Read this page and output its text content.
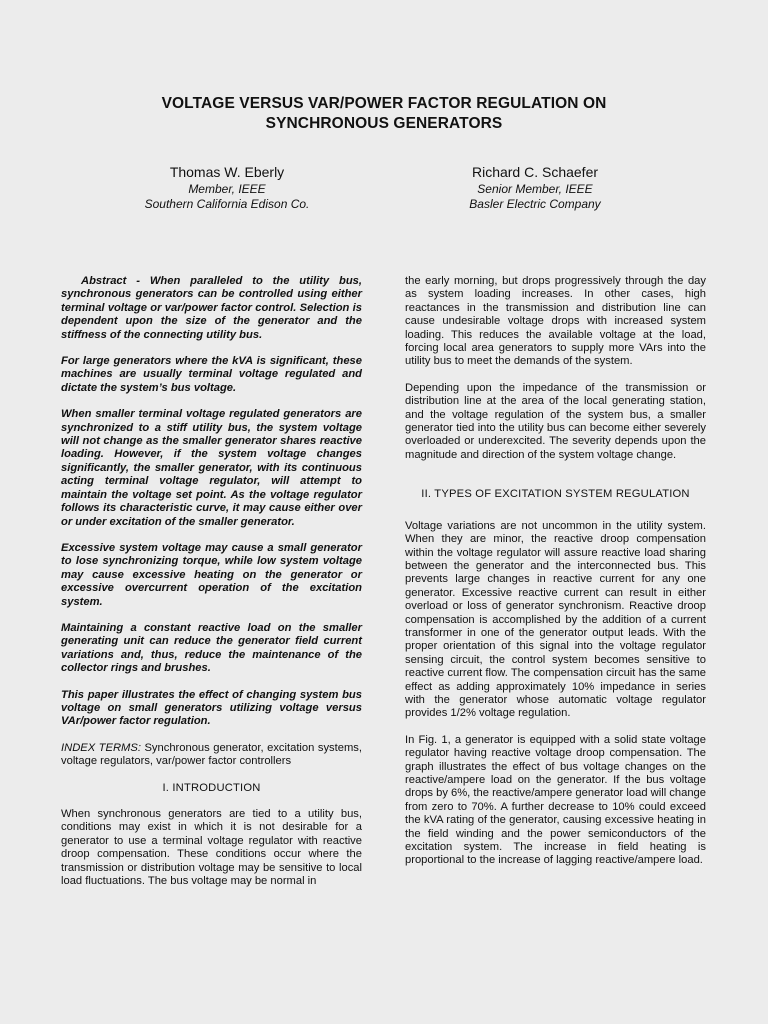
VOLTAGE VERSUS VAR/POWER FACTOR REGULATION ON
SYNCHRONOUS GENERATORS
Thomas W. Eberly
Member, IEEE
Southern California Edison Co.
Richard C. Schaefer
Senior Member, IEEE
Basler Electric Company

Abstract - When paralleled to the utility bus, synchronous generators can be controlled using either terminal voltage or var/power factor control. Selection is dependent upon the size of the generator and the stiffness of the connecting utility bus.

For large generators where the kVA is significant, these machines are usually terminal voltage regulated and dictate the system’s bus voltage.

When smaller terminal voltage regulated generators are synchronized to a stiff utility bus, the system voltage will not change as the smaller generator shares reactive loading. However, if the system voltage changes significantly, the smaller generator, with its continuous acting terminal voltage regulator, will attempt to maintain the voltage set point. As the voltage regulator follows its characteristic curve, it may cause either over or under excitation of the smaller generator.

Excessive system voltage may cause a small generator to lose synchronizing torque, while low system voltage may cause excessive heating on the generator or excessive overcurrent operation of the excitation system.

Maintaining a constant reactive load on the smaller generating unit can reduce the generator field current variations and, thus, reduce the maintenance of the collector rings and brushes.

This paper illustrates the effect of changing system bus voltage on small generators utilizing voltage versus VAr/power factor regulation.

INDEX TERMS: Synchronous generator, excitation systems, voltage regulators, var/power factor controllers

I. INTRODUCTION

When synchronous generators are tied to a utility bus, conditions may exist in which it is not desirable for a generator to use a terminal voltage regulator with reactive droop compensation. These conditions occur where the transmission or distribution voltage may be sensitive to local load fluctuations. The bus voltage may be normal in

the early morning, but drops progressively through the day as system loading increases. In other cases, high reactances in the transmission and distribution line can cause undesirable voltage drops with increased system loading. This reduces the available voltage at the load, forcing local area generators to supply more VArs into the utility bus to meet the demands of the system.

Depending upon the impedance of the transmission or distribution line at the area of the local generating station, and the voltage regulation of the system bus, a smaller generator tied into the utility bus can become either severely overloaded or underexcited. The severity depends upon the magnitude and direction of the system voltage change.

II. TYPES OF EXCITATION SYSTEM REGULATION

Voltage variations are not uncommon in the utility system. When they are minor, the reactive droop compensation within the voltage regulator will assure reactive load sharing between the generator and the interconnected bus. This prevents large changes in reactive current for any one generator. Excessive reactive current can result in either overload or loss of generator synchronism. Reactive droop compensation is accomplished by the addition of a current transformer in one of the generator output leads. With the proper orientation of this signal into the voltage regulator sensing circuit, the control system becomes sensitive to reactive current flow. The compensation circuit has the same effect as adding approximately 10% impedance in series with the generator whose automatic voltage regulator provides 1/2% voltage regulation.

In Fig. 1, a generator is equipped with a solid state voltage regulator having reactive voltage droop compensation. The graph illustrates the effect of bus voltage changes on the reactive/ampere load on the generator. If the bus voltage drops by 6%, the reactive/ampere generator load will change from zero to 70%. A further decrease to 10% could exceed the kVA rating of the generator, causing excessive heating in the field winding and the power semiconductors of the excitation system. The increase in field heating is proportional to the increase of lagging reactive/ampere load.
